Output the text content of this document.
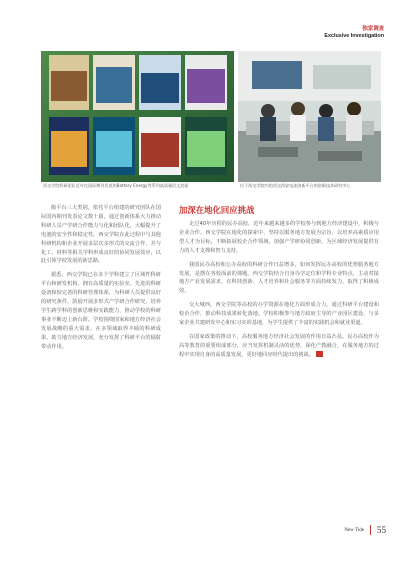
独家调查
Exclusive Investigation
西交学院科研团队近年在国际期刊发表的Battery Energy等系列高质量论文封面	位于西交学院内的西交西安电池创新平台的创新技术研究中心

级平台三大类别。依托平台组建的研究团队在国际国内期刊发表论文数十篇，通过创新体系大力推动科研人员产学研合作能力与化和团队化，大幅提升了电池的安全性和稳定性。西交学院在此过程中与其他科研机构和企业开展多层次多形式的交流合作，并与化工、材料等相关学科形成良好的协同发展效应，以此引领学校发展的新思路。

据悉，西交学院已在多个学科建立了区域性科研平台和研发机构，拥有高质量的实验室、先进的科研设备和较完善的科研管理体系，为科研人员提供良好的研究条件，鼓励开展多形式产学研合作研究，培养学生跨学科的创新思维和实践能力，推动学校的科研事业不断迈上新台阶。学校围绕国家和地方经济社会发展战略的重大需求，在多领域取得丰硕的科研成果，助力地方经济发展，充分发挥了科研平台的辐射带动作用。

加深在地化回应挑战

走过40年历程的民办高校，近年来越来越多的学校参与到地方经济建设中，积极与企业合作。西交学院在地化的探索中，坚持以服务地方发展为宗旨，以培养高素质应用型人才为目标，不断拓展校企合作领域，加强产学研协同创新，为区域经济发展提供有力的人才支撑和智力支持。

我国民办高校和公办高校的科研合作日益增多，如何发挥民办高校的优势服务地方发展，是摆在各校面前的课题。西交学院结合自身办学定位和学科专业特点，主动对接地方产业发展需求，在科技创新、人才培养和社会服务等方面持续发力，取得了积极成效。

交大城西，西交学院等高校的办学资源在地化方面形成合力，通过科研平台建设和校企合作，推动科技成果转化落地。学校积极参与地方政府主导的产业园区建设，与多家企业共建研发中心和实习实训基地，为学生提供了丰富的实践机会和就业渠道。

在国家政策的推动下，高校服务地方经济社会发展的作用日益凸显。民办高校作为高等教育的重要组成部分，应当发挥机制灵活的优势，深化产教融合，在服务地方的过程中实现自身的高质量发展，更好地回应时代提出的挑战。

New Tide 55
